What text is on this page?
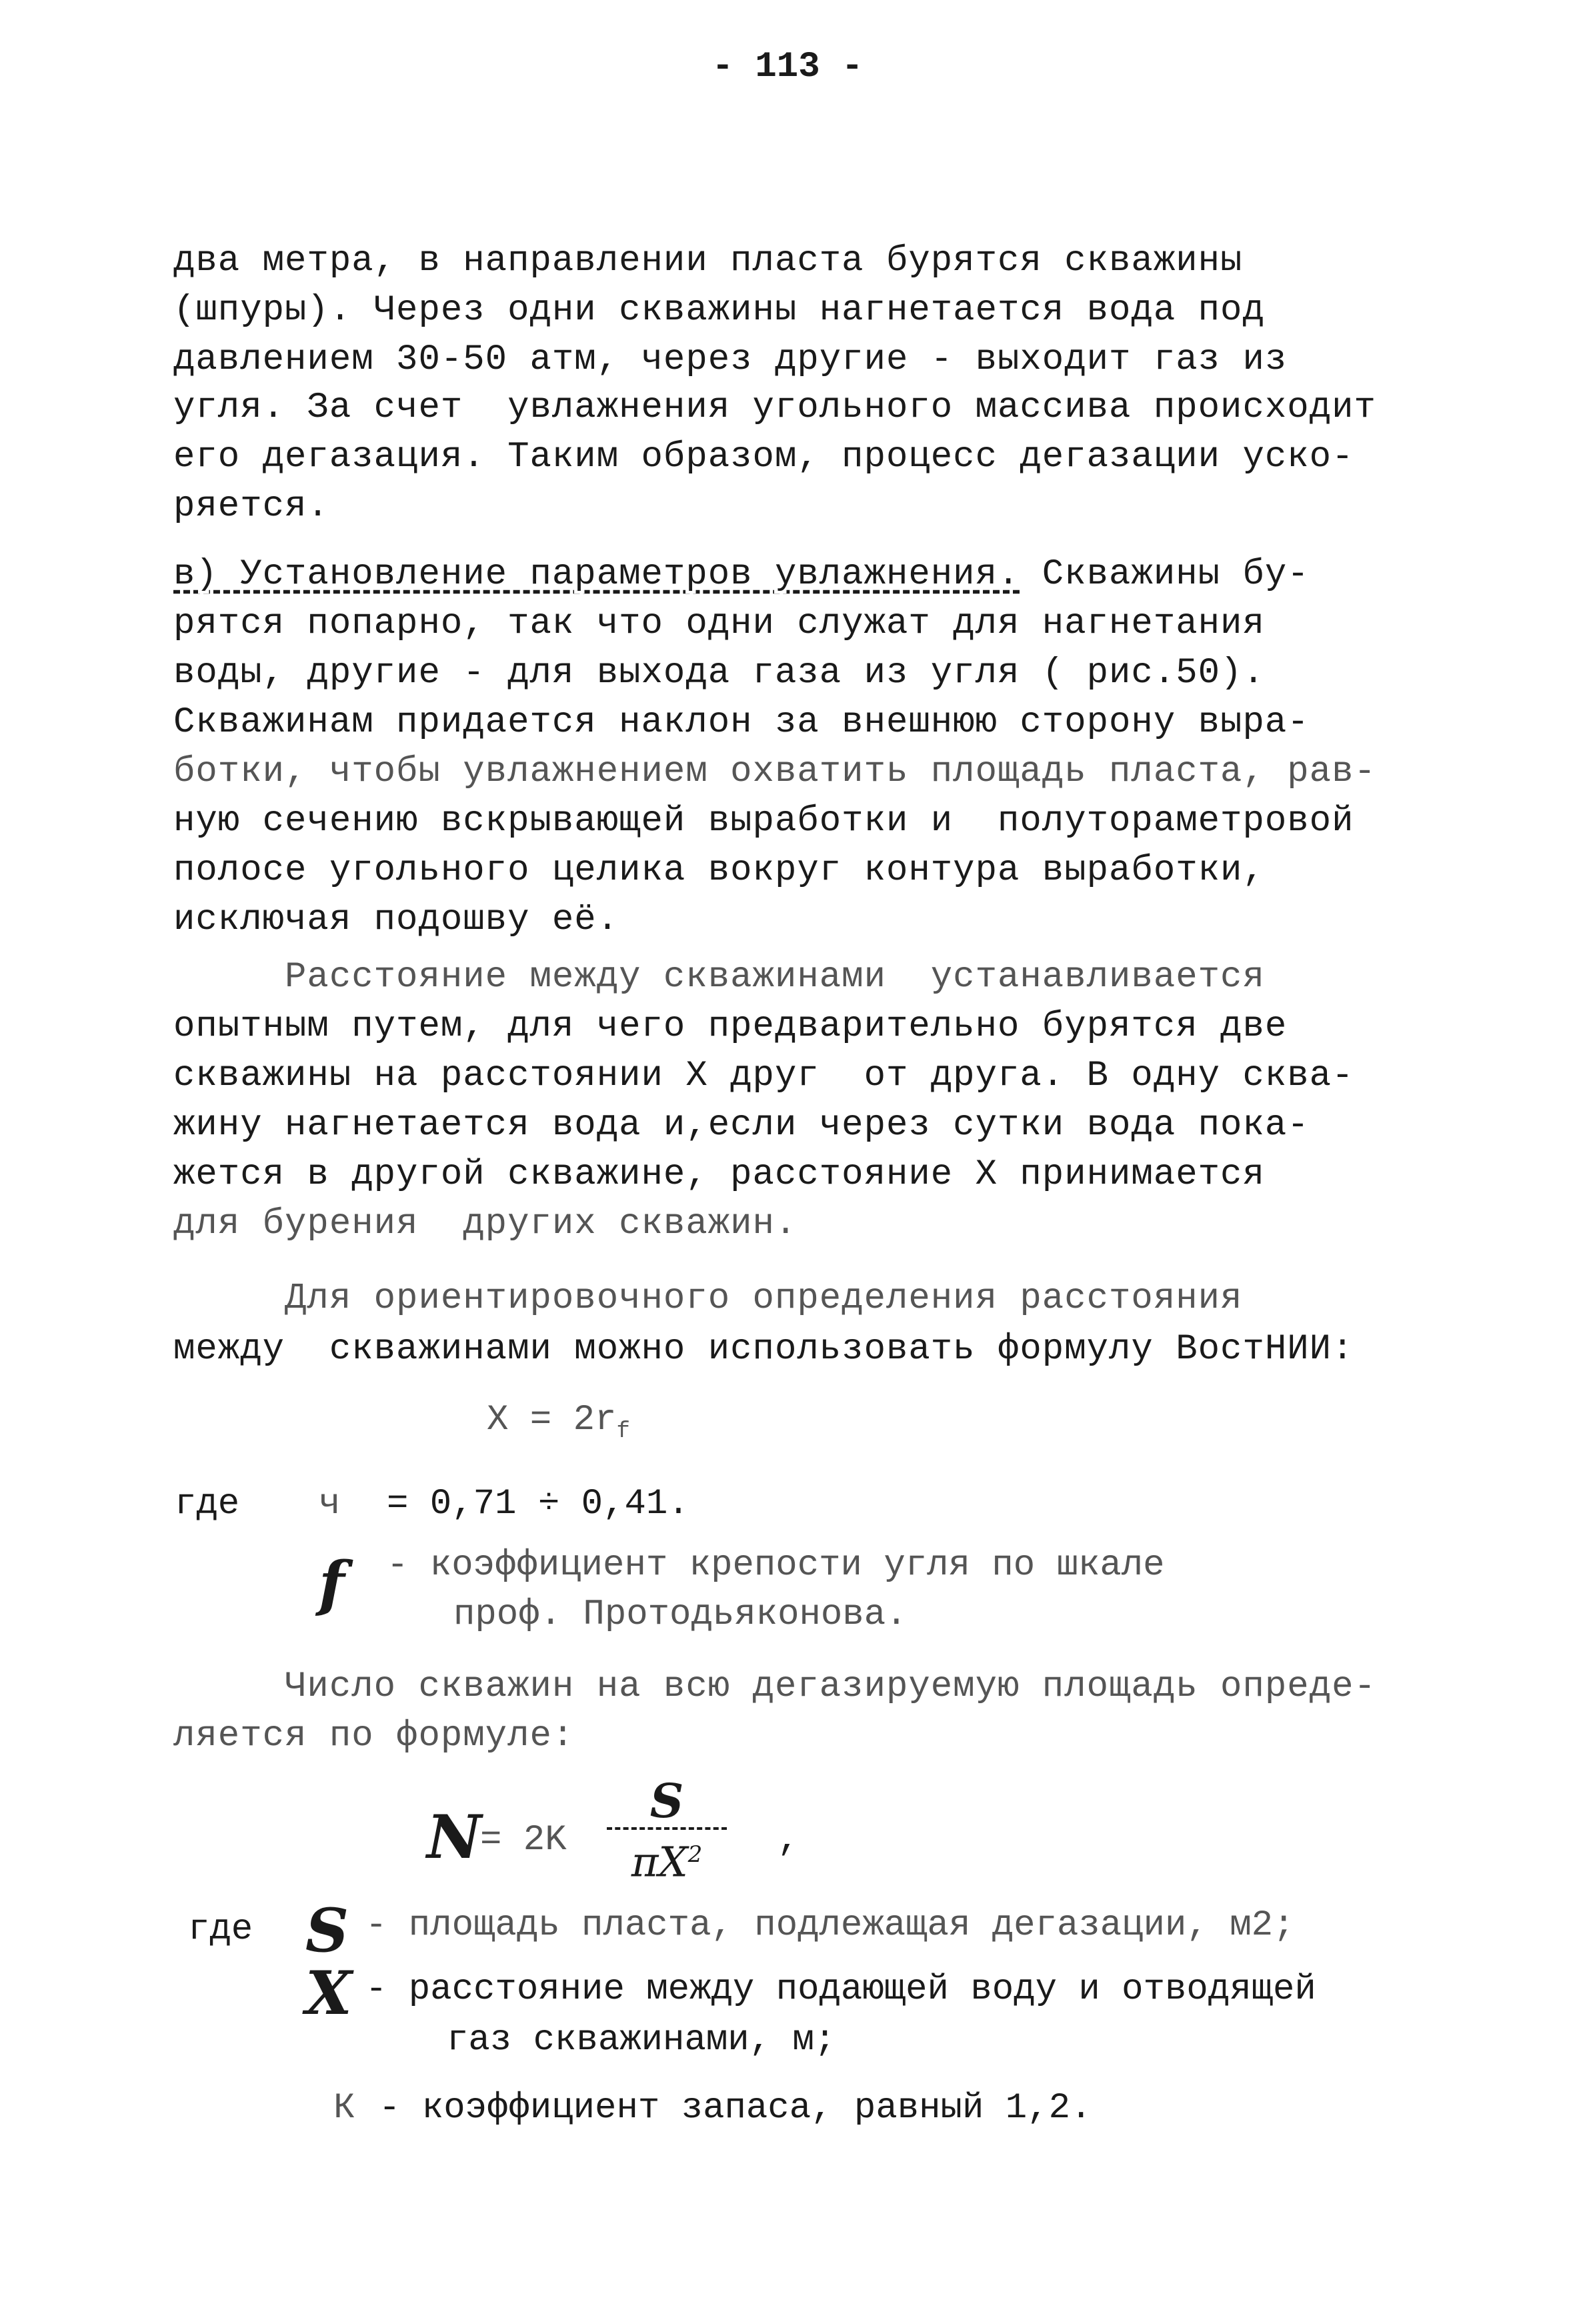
- 113 -
два метра, в направлении пласта бурятся скважины
(шпуры). Через одни скважины нагнетается вода под
давлением 30-50 атм, через другие - выходит газ из
угля. За счет  увлажнения угольного массива происходит
его дегазация. Таким образом, процесс дегазации уско-
ряется.
в) Установление параметров увлажнения. Скважины бу-
рятся попарно, так что одни служат для нагнетания
воды, другие - для выхода газа из угля ( рис.50).
Скважинам придается наклон за внешнюю сторону выра-
ботки, чтобы увлажнением охватить площадь пласта, рав-
ную сечению вскрывающей выработки и  полутораметровой
полосе угольного целика вокруг контура выработки,
исключая подошву её.
Расстояние между скважинами  устанавливается
опытным путем, для чего предварительно бурятся две
скважины на расстоянии X друг  от друга. В одну сква-
жину нагнетается вода и,если через сутки вода пока-
жется в другой скважине, расстояние X принимается
для бурения  других скважин.
Для ориентировочного определения расстояния
между  скважинами можно использовать формулу ВостНИИ:
$X = 2r_f$
где ч = 0,71 ÷ 0,41.
f - коэффициент крепости угля по шкале
проф. Протодьяконова.
Число скважин на всю дегазируемую площадь опреде-
ляется по формуле:
N
= 2K
S
$\pi X^2$	,
где S - площадь пласта, подлежащая дегазации, м2;
X - расстояние между подающей воду и отводящей
газ скважинами, м;
К - коэффициент запаса, равный 1,2.
